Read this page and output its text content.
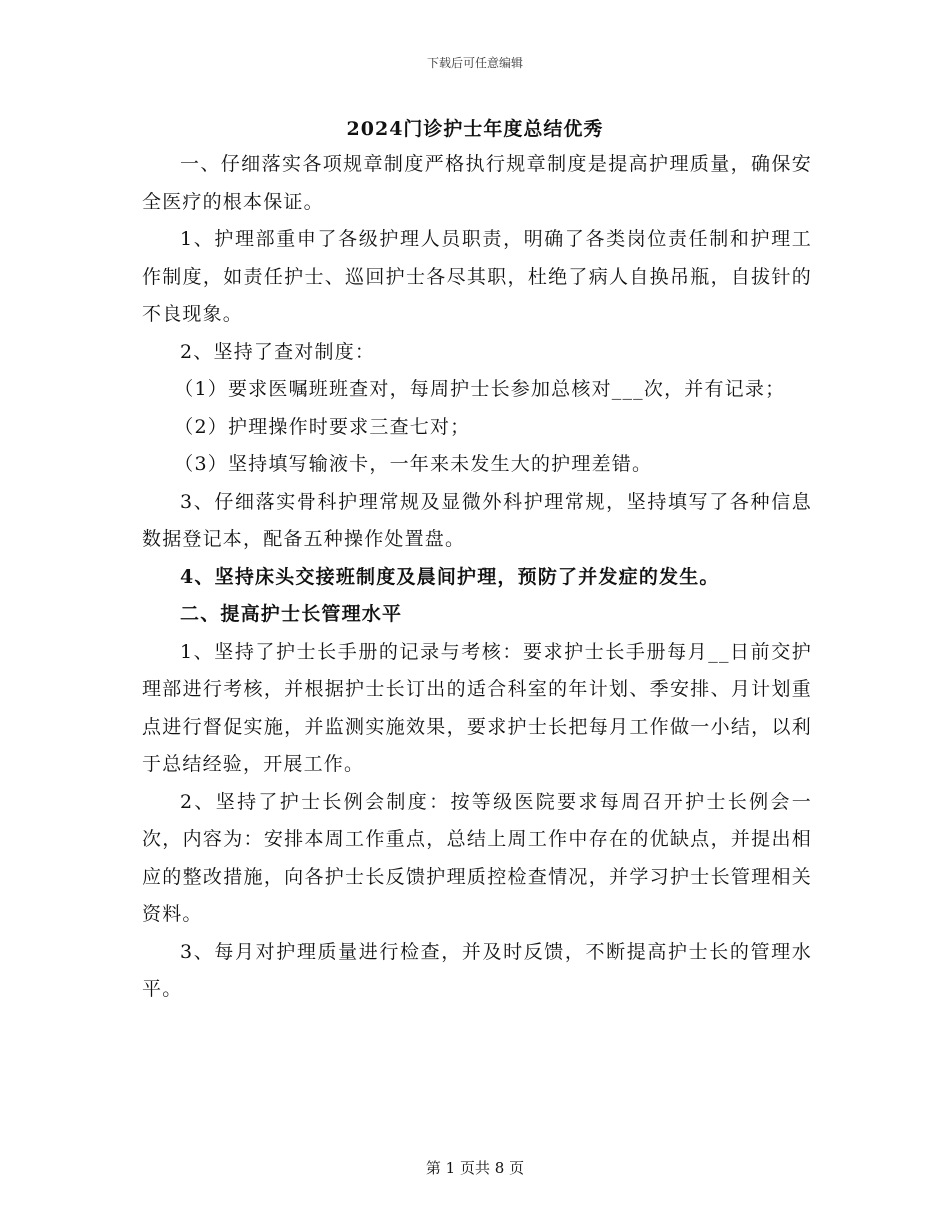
下载后可任意编辑
2024门诊护士年度总结优秀

一、仔细落实各项规章制度严格执行规章制度是提高护理质量，确保安全医疗的根本保证。

1、护理部重申了各级护理人员职责，明确了各类岗位责任制和护理工作制度，如责任护士、巡回护士各尽其职，杜绝了病人自换吊瓶，自拔针的不良现象。

2、坚持了查对制度：

（1）要求医嘱班班查对，每周护士长参加总核对___次，并有记录；

（2）护理操作时要求三查七对；

（3）坚持填写输液卡，一年来未发生大的护理差错。

3、仔细落实骨科护理常规及显微外科护理常规，坚持填写了各种信息数据登记本，配备五种操作处置盘。

4、坚持床头交接班制度及晨间护理，预防了并发症的发生。

二、提高护士长管理水平

1、坚持了护士长手册的记录与考核：要求护士长手册每月__日前交护理部进行考核，并根据护士长订出的适合科室的年计划、季安排、月计划重点进行督促实施，并监测实施效果，要求护士长把每月工作做一小结，以利于总结经验，开展工作。

2、坚持了护士长例会制度：按等级医院要求每周召开护士长例会一次，内容为：安排本周工作重点，总结上周工作中存在的优缺点，并提出相应的整改措施，向各护士长反馈护理质控检查情况，并学习护士长管理相关资料。

3、每月对护理质量进行检查，并及时反馈，不断提高护士长的管理水平。

第 1 页共 8 页
